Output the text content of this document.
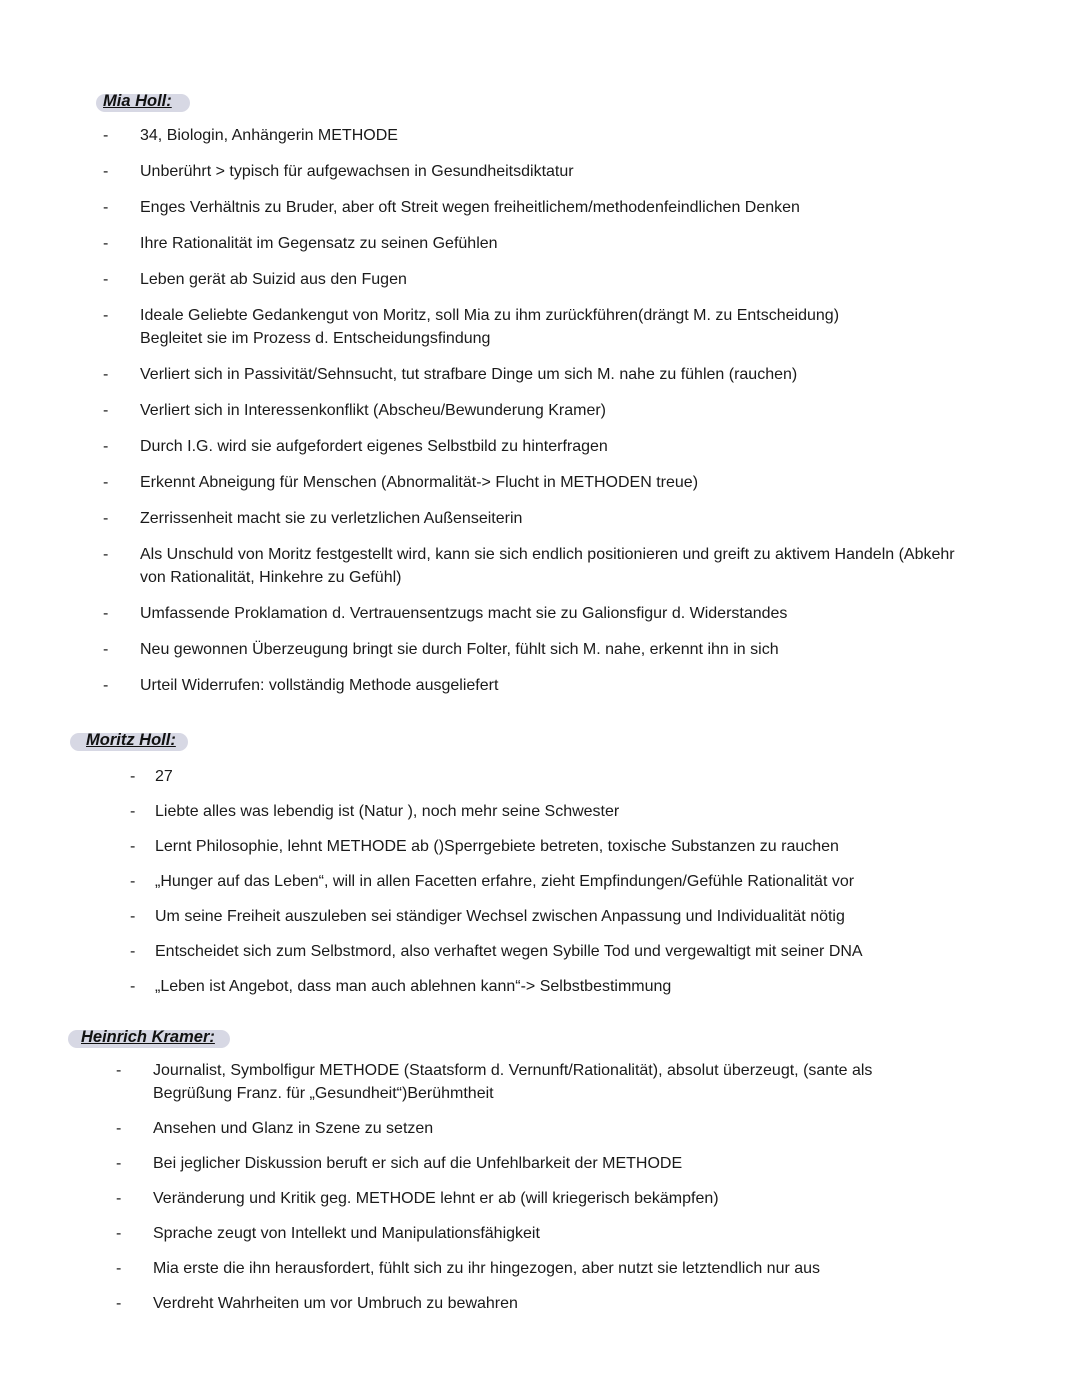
Mia Holl:
- 34, Biologin, Anhängerin METHODE
- Unberührt > typisch für aufgewachsen in Gesundheitsdiktatur
- Enges Verhältnis zu Bruder, aber oft Streit wegen freiheitlichem/methodenfeindlichen Denken
- Ihre Rationalität im Gegensatz zu seinen Gefühlen
- Leben gerät ab Suizid aus den Fugen
- Ideale Geliebte Gedankengut von Moritz, soll Mia zu ihm zurückführen(drängt M. zu Entscheidung) Begleitet sie im Prozess d. Entscheidungsfindung
- Verliert sich in Passivität/Sehnsucht, tut strafbare Dinge um sich M. nahe zu fühlen (rauchen)
- Verliert sich in Interessenkonflikt (Abscheu/Bewunderung Kramer)
- Durch I.G. wird sie aufgefordert eigenes Selbstbild zu hinterfragen
- Erkennt Abneigung für Menschen (Abnormalität-> Flucht in METHODEN treue)
- Zerrissenheit macht sie zu verletzlichen Außenseiterin
- Als Unschuld von Moritz festgestellt wird, kann sie sich endlich positionieren und greift zu aktivem Handeln (Abkehr von Rationalität, Hinkehre zu Gefühl)
- Umfassende Proklamation d. Vertrauensentzugs macht sie zu Galionsfigur d. Widerstandes
- Neu gewonnen Überzeugung bringt sie durch Folter, fühlt sich M. nahe, erkennt ihn in sich
- Urteil Widerrufen: vollständig Methode ausgeliefert
Moritz Holl:
- 27
- Liebte alles was lebendig ist (Natur ), noch mehr seine Schwester
- Lernt Philosophie, lehnt METHODE ab ()Sperrgebiete betreten, toxische Substanzen zu rauchen
- „Hunger auf das Leben“, will in allen Facetten erfahre, zieht Empfindungen/Gefühle Rationalität vor
- Um seine Freiheit auszuleben sei ständiger Wechsel zwischen Anpassung und Individualität nötig
- Entscheidet sich zum Selbstmord, also verhaftet wegen Sybille Tod und vergewaltigt mit seiner DNA
- „Leben ist Angebot, dass man auch ablehnen kann“-> Selbstbestimmung
Heinrich Kramer:
- Journalist, Symbolfigur METHODE (Staatsform d. Vernunft/Rationalität), absolut überzeugt, (sante als Begrüßung Franz. für „Gesundheit“)Berühmtheit
- Ansehen und Glanz in Szene zu setzen
- Bei jeglicher Diskussion beruft er sich auf die Unfehlbarkeit der METHODE
- Veränderung und Kritik geg. METHODE lehnt er ab (will kriegerisch bekämpfen)
- Sprache zeugt von Intellekt und Manipulationsfähigkeit
- Mia erste die ihn herausfordert, fühlt sich zu ihr hingezogen, aber nutzt sie letztendlich nur aus
- Verdreht Wahrheiten um vor Umbruch zu bewahren
